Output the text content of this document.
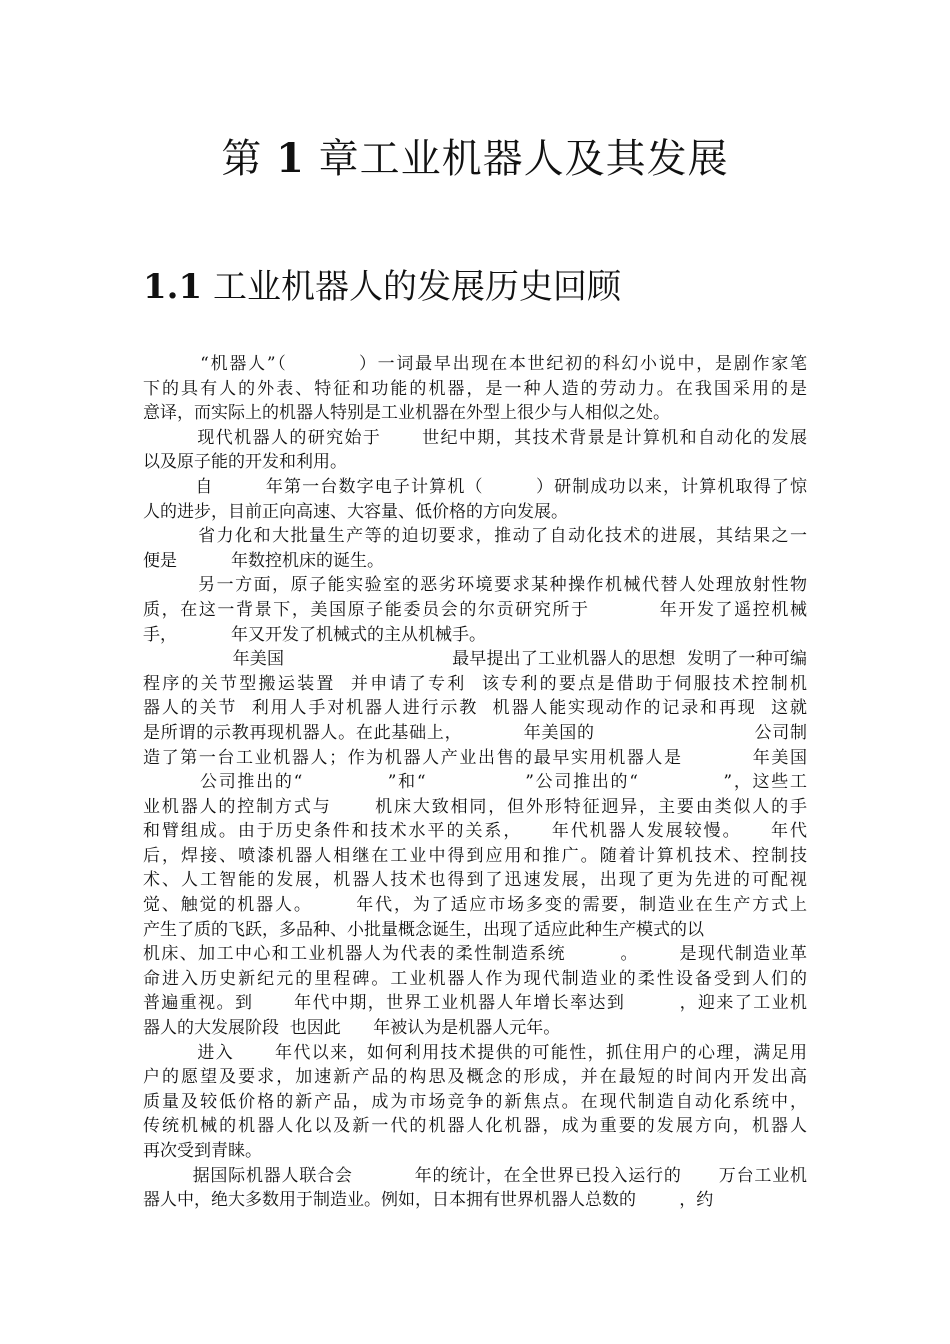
第 1 章工业机器人及其发展
1.1 工业机器人的发展历史回顾
“机器人”（          ）一词最早出现在本世纪初的科幻小说中，是剧作家笔
下的具有人的外表、特征和功能的机器，是一种人造的劳动力。在我国采用的是
意译，而实际上的机器人特别是工业机器在外型上很少与人相似之处。
现代机器人的研究始于      世纪中期，其技术背景是计算机和自动化的发展
以及原子能的开发和利用。
自        年第一台数字电子计算机（        ）研制成功以来，计算机取得了惊
人的进步，目前正向高速、大容量、低价格的方向发展。
省力化和大批量生产等的迫切要求，推动了自动化技术的进展，其结果之一
便是          年数控机床的诞生。
另一方面，原子能实验室的恶劣环境要求某种操作机械代替人处理放射性物
质，在这一背景下，美国原子能委员会的尔贡研究所于          年开发了遥控机械
手，          年又开发了机械式的主从机械手。
年美国                              最早提出了工业机器人的思想  发明了一种可编
程序的关节型搬运装置  并申请了专利  该专利的要点是借助于伺服技术控制机
器人的关节  利用人手对机器人进行示教  机器人能实现动作的记录和再现  这就
是所谓的示教再现机器人。在此基础上，          年美国的                          公司制
造了第一台工业机器人；作为机器人产业出售的最早实用机器人是          年美国
公司推出的“            ”和“              ”公司推出的“            ”，这些工
业机器人的控制方式与      机床大致相同，但外形特征迥异，主要由类似人的手
和臂组成。由于历史条件和技术水平的关系，    年代机器人发展较慢。    年代
后，焊接、喷漆机器人相继在工业中得到应用和推广。随着计算机技术、控制技
术、人工智能的发展，机器人技术也得到了迅速发展，出现了更为先进的可配视
觉、触觉的机器人。      年代，为了适应市场多变的需要，制造业在生产方式上
产生了质的飞跃，多品种、小批量概念诞生，出现了适应此种生产模式的以
机床、加工中心和工业机器人为代表的柔性制造系统        。      是现代制造业革
命进入历史新纪元的里程碑。工业机器人作为现代制造业的柔性设备受到人们的
普遍重视。到      年代中期，世界工业机器人年增长率达到        ，迎来了工业机
器人的大发展阶段  也因此      年被认为是机器人元年。
进入      年代以来，如何利用技术提供的可能性，抓住用户的心理，满足用
户的愿望及要求，加速新产品的构思及概念的形成，并在最短的时间内开发出高
质量及较低价格的新产品，成为市场竞争的新焦点。在现代制造自动化系统中，
传统机械的机器人化以及新一代的机器人化机器，成为重要的发展方向，机器人
再次受到青睐。
据国际机器人联合会          年的统计，在全世界已投入运行的      万台工业机
器人中，绝大多数用于制造业。例如，日本拥有世界机器人总数的        ，约
